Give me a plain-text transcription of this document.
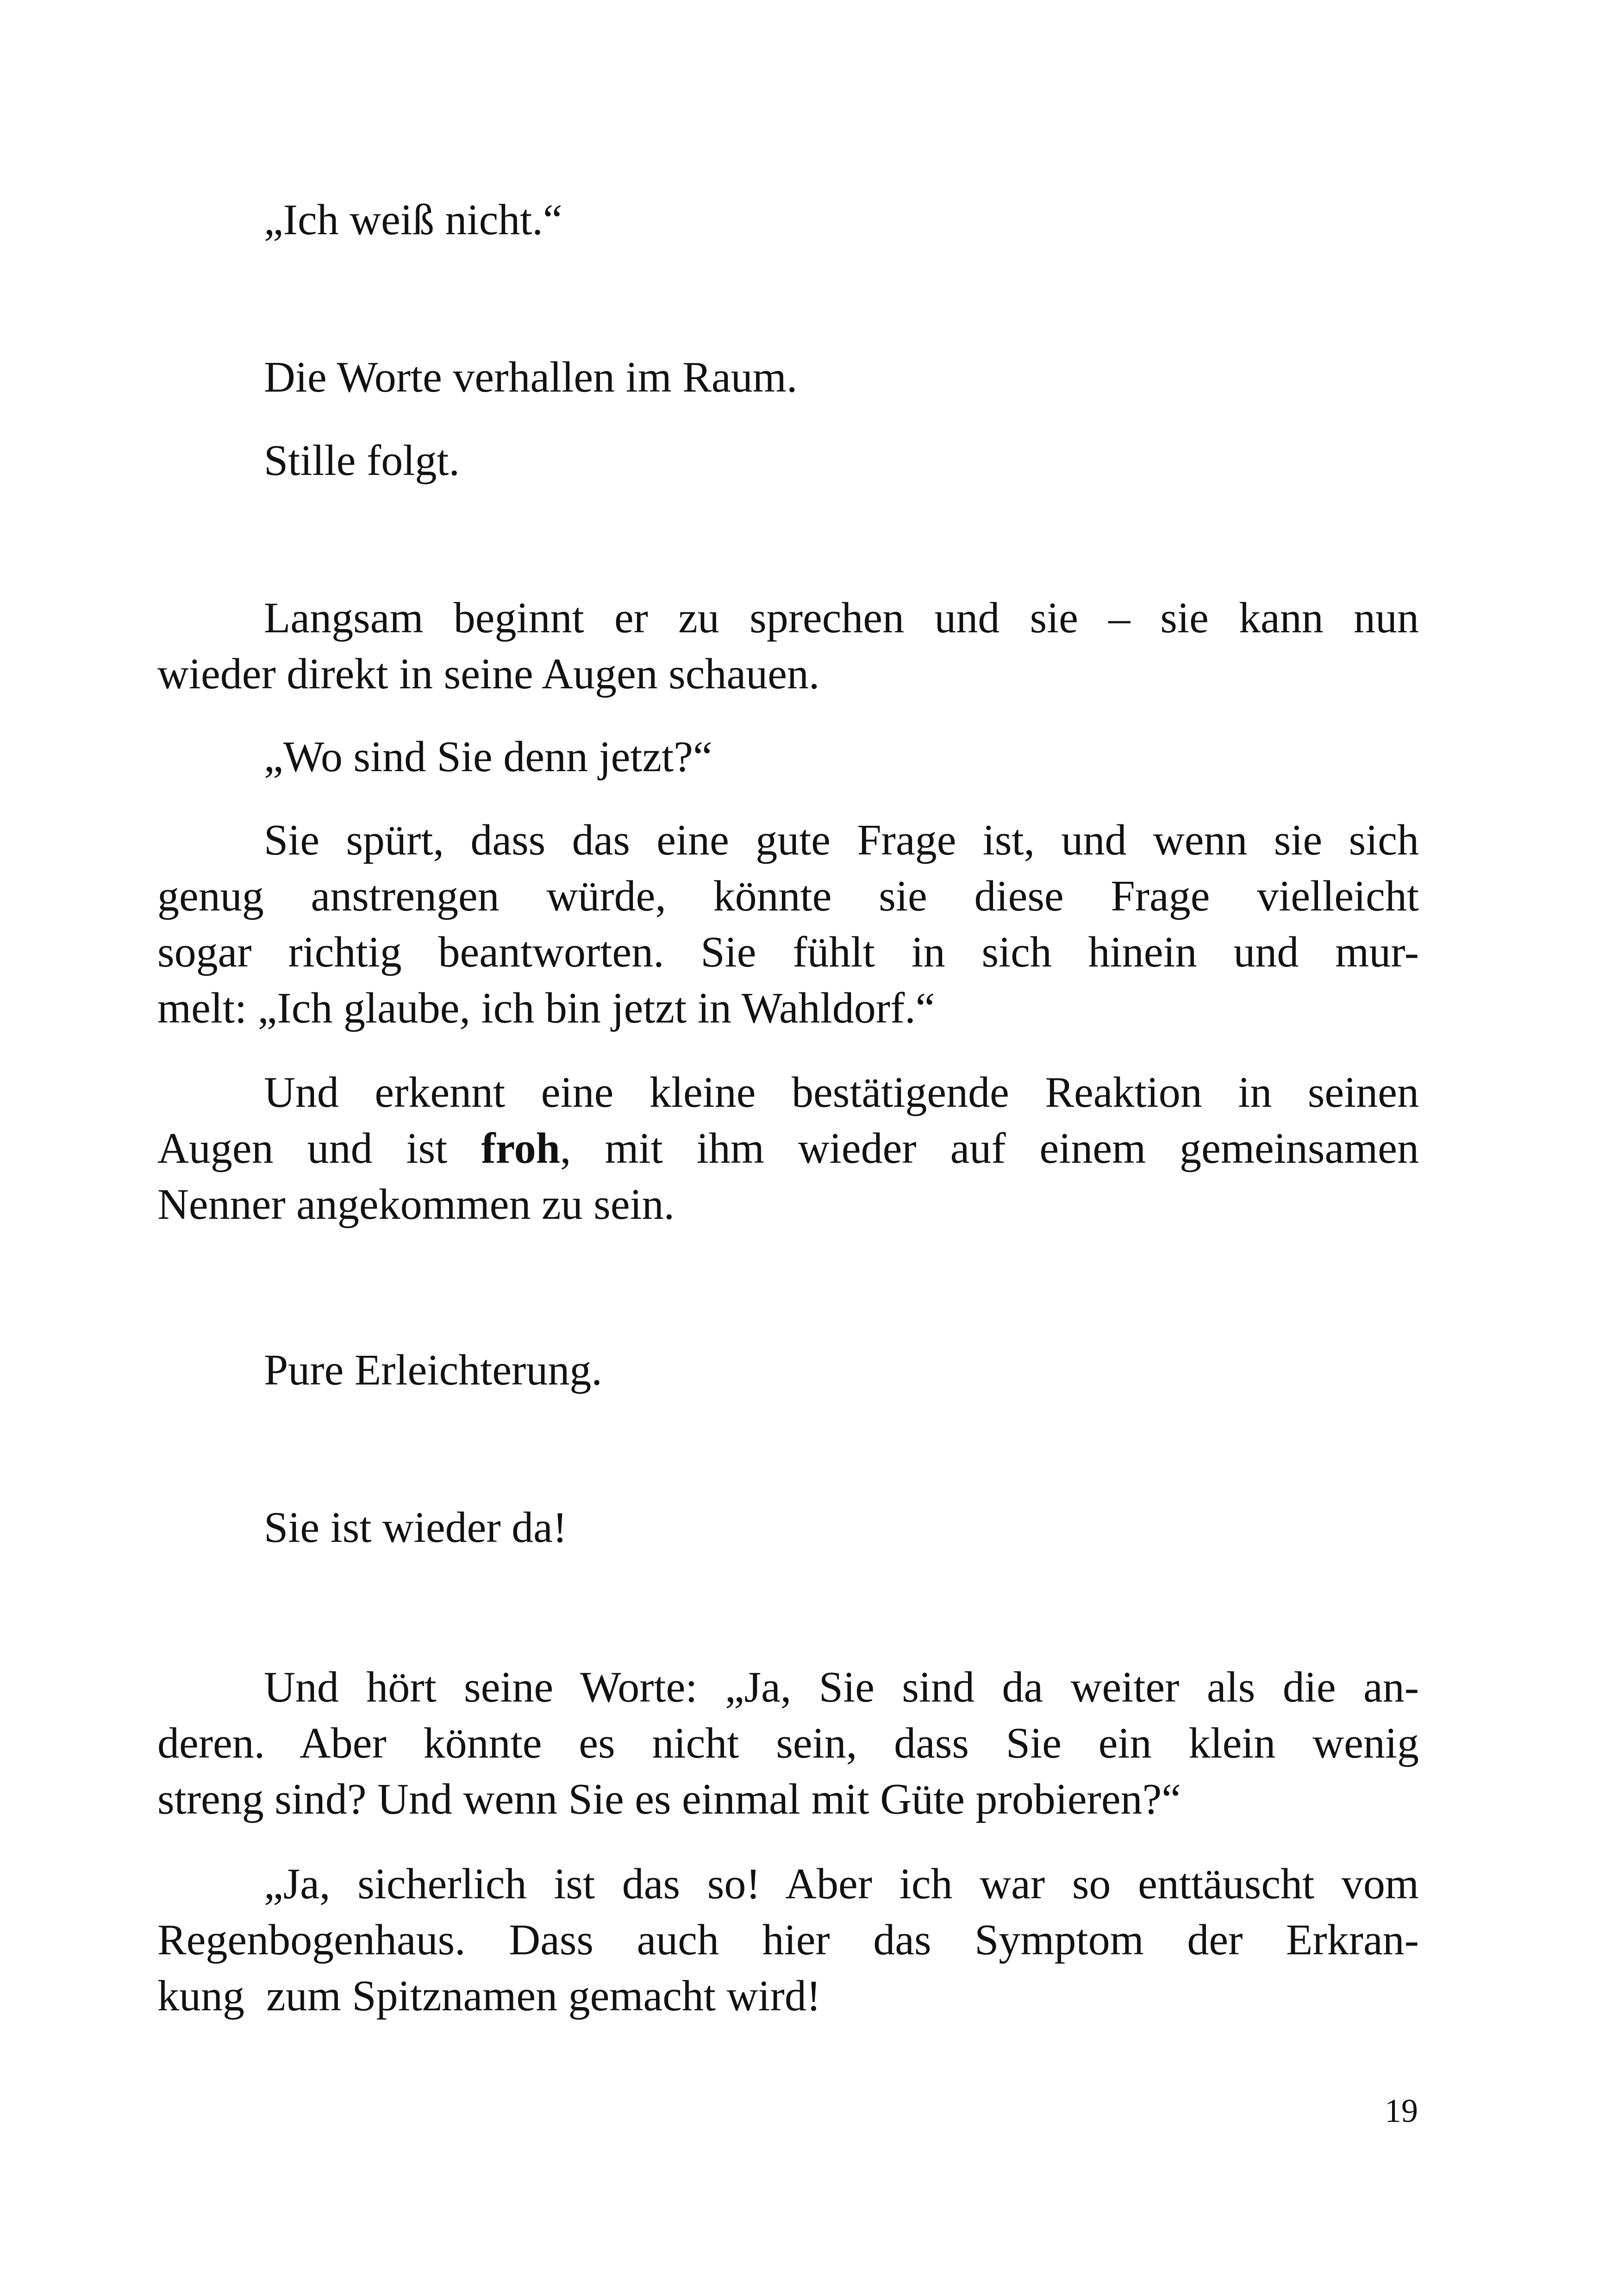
„Ich weiß nicht.“

Die Worte verhallen im Raum.

Stille folgt.

Langsam beginnt er zu sprechen und sie – sie kann nun
wieder direkt in seine Augen schauen.

„Wo sind Sie denn jetzt?“

Sie spürt, dass das eine gute Frage ist, und wenn sie sich
genug anstrengen würde, könnte sie diese Frage vielleicht
sogar richtig beantworten. Sie fühlt in sich hinein und mur-
melt: „Ich glaube, ich bin jetzt in Wahldorf.“

Und erkennt eine kleine bestätigende Reaktion in seinen
Augen und ist froh, mit ihm wieder auf einem gemeinsamen
Nenner angekommen zu sein.

Pure Erleichterung.

Sie ist wieder da!

Und hört seine Worte: „Ja, Sie sind da weiter als die an-
deren. Aber könnte es nicht sein, dass Sie ein klein wenig
streng sind? Und wenn Sie es einmal mit Güte probieren?“

„Ja, sicherlich ist das so! Aber ich war so enttäuscht vom
Regenbogenhaus. Dass auch hier das Symptom der Erkran-
kung  zum Spitznamen gemacht wird!

19
